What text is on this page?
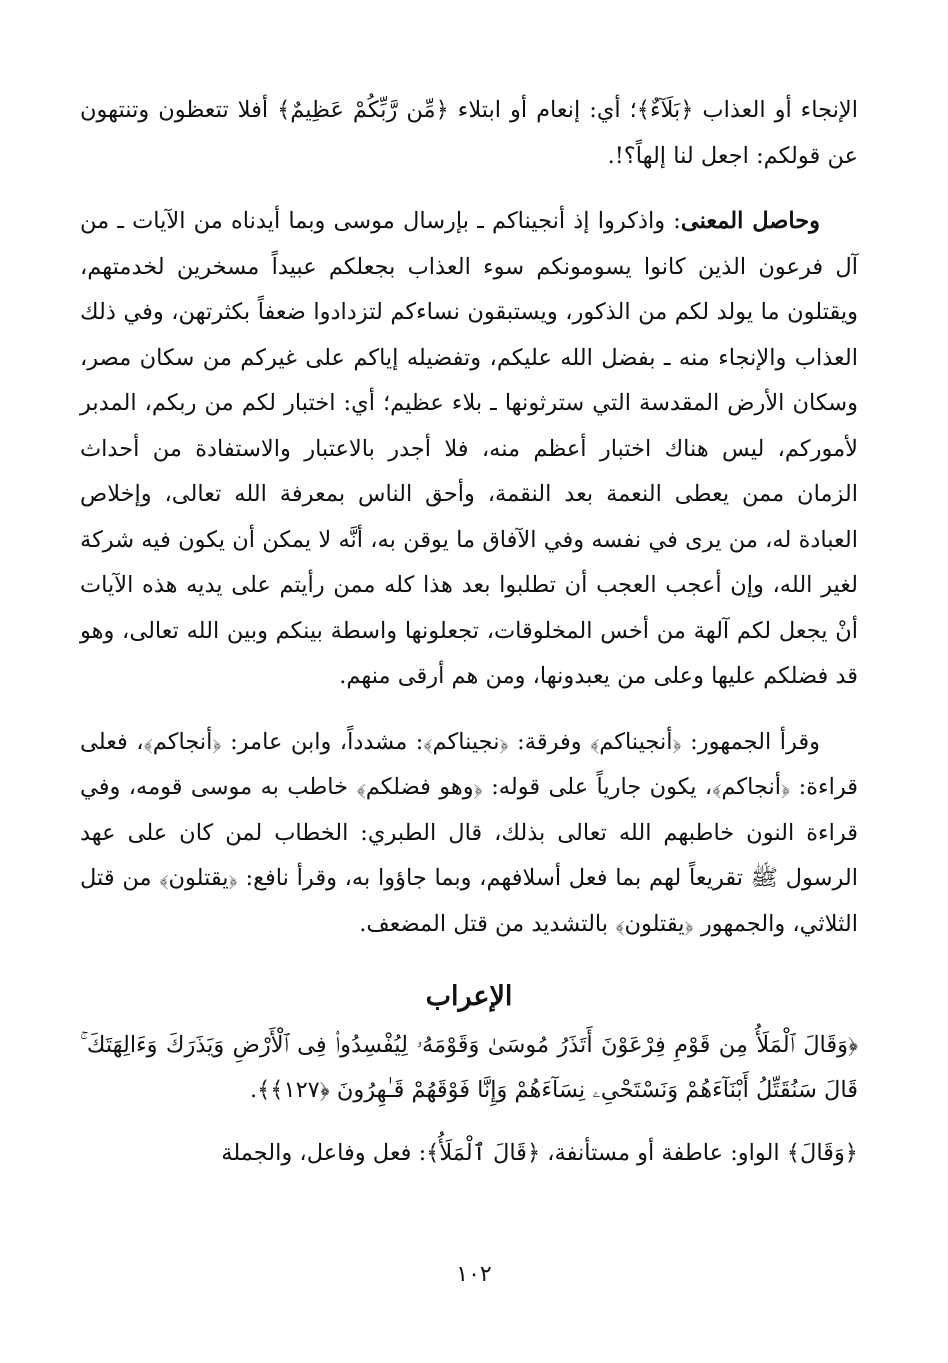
الإنجاء أو العذاب ﴿بَلَآءٌ﴾؛ أي: إنعام أو ابتلاء ﴿مِّن رَّبِّكُمْ عَظِيمٌ﴾ أفلا تتعظون وتنتهون عن قولكم: اجعل لنا إلهاً؟!.

وحاصل المعنى: واذكروا إذ أنجيناكم ـ بإرسال موسى وبما أيدناه من الآيات ـ من آل فرعون الذين كانوا يسومونكم سوء العذاب بجعلكم عبيداً مسخرين لخدمتهم، ويقتلون ما يولد لكم من الذكور، ويستبقون نساءكم لتزدادوا ضعفاً بكثرتهن، وفي ذلك العذاب والإنجاء منه ـ بفضل الله عليكم، وتفضيله إياكم على غيركم من سكان مصر، وسكان الأرض المقدسة التي سترثونها ـ بلاء عظيم؛ أي: اختبار لكم من ربكم، المدبر لأموركم، ليس هناك اختبار أعظم منه، فلا أجدر بالاعتبار والاستفادة من أحداث الزمان ممن يعطى النعمة بعد النقمة، وأحق الناس بمعرفة الله تعالى، وإخلاص العبادة له، من يرى في نفسه وفي الآفاق ما يوقن به، أنَّه لا يمكن أن يكون فيه شركة لغير الله، وإن أعجب العجب أن تطلبوا بعد هذا كله ممن رأيتم على يديه هذه الآيات أنْ يجعل لكم آلهة من أخس المخلوقات، تجعلونها واسطة بينكم وبين الله تعالى، وهو قد فضلكم عليها وعلى من يعبدونها، ومن هم أرقى منهم.

وقرأ الجمهور: ﴿أنجيناكم﴾ وفرقة: ﴿نجيناكم﴾: مشدداً، وابن عامر: ﴿أنجاكم﴾، فعلى قراءة: ﴿أنجاكم﴾، يكون جارياً على قوله: ﴿وهو فضلكم﴾ خاطب به موسى قومه، وفي قراءة النون خاطبهم الله تعالى بذلك، قال الطبري: الخطاب لمن كان على عهد الرسول ﷺ تقريعاً لهم بما فعل أسلافهم، وبما جاؤوا به، وقرأ نافع: ﴿يقتلون﴾ من قتل الثلاثي، والجمهور ﴿يقتلون﴾ بالتشديد من قتل المضعف.

الإعراب

﴿وَقَالَ ٱلْمَلَأُ مِن قَوْمِ فِرْعَوْنَ أَتَذَرُ مُوسَىٰ وَقَوْمَهُۥ لِيُفْسِدُوا۟ فِى ٱلْأَرْضِ وَيَذَرَكَ وَءَالِهَتَكَ ۚ قَالَ سَنُقَتِّلُ أَبْنَآءَهُمْ وَنَسْتَحْىِۦ نِسَآءَهُمْ وَإِنَّا فَوْقَهُمْ قَـٰهِرُونَ ﴿١٢٧﴾﴾.

﴿وَقَالَ﴾ الواو: عاطفة أو مستأنفة، ﴿قَالَ ٱلْمَلَأُ﴾: فعل وفاعل، والجملة

١٠٢
